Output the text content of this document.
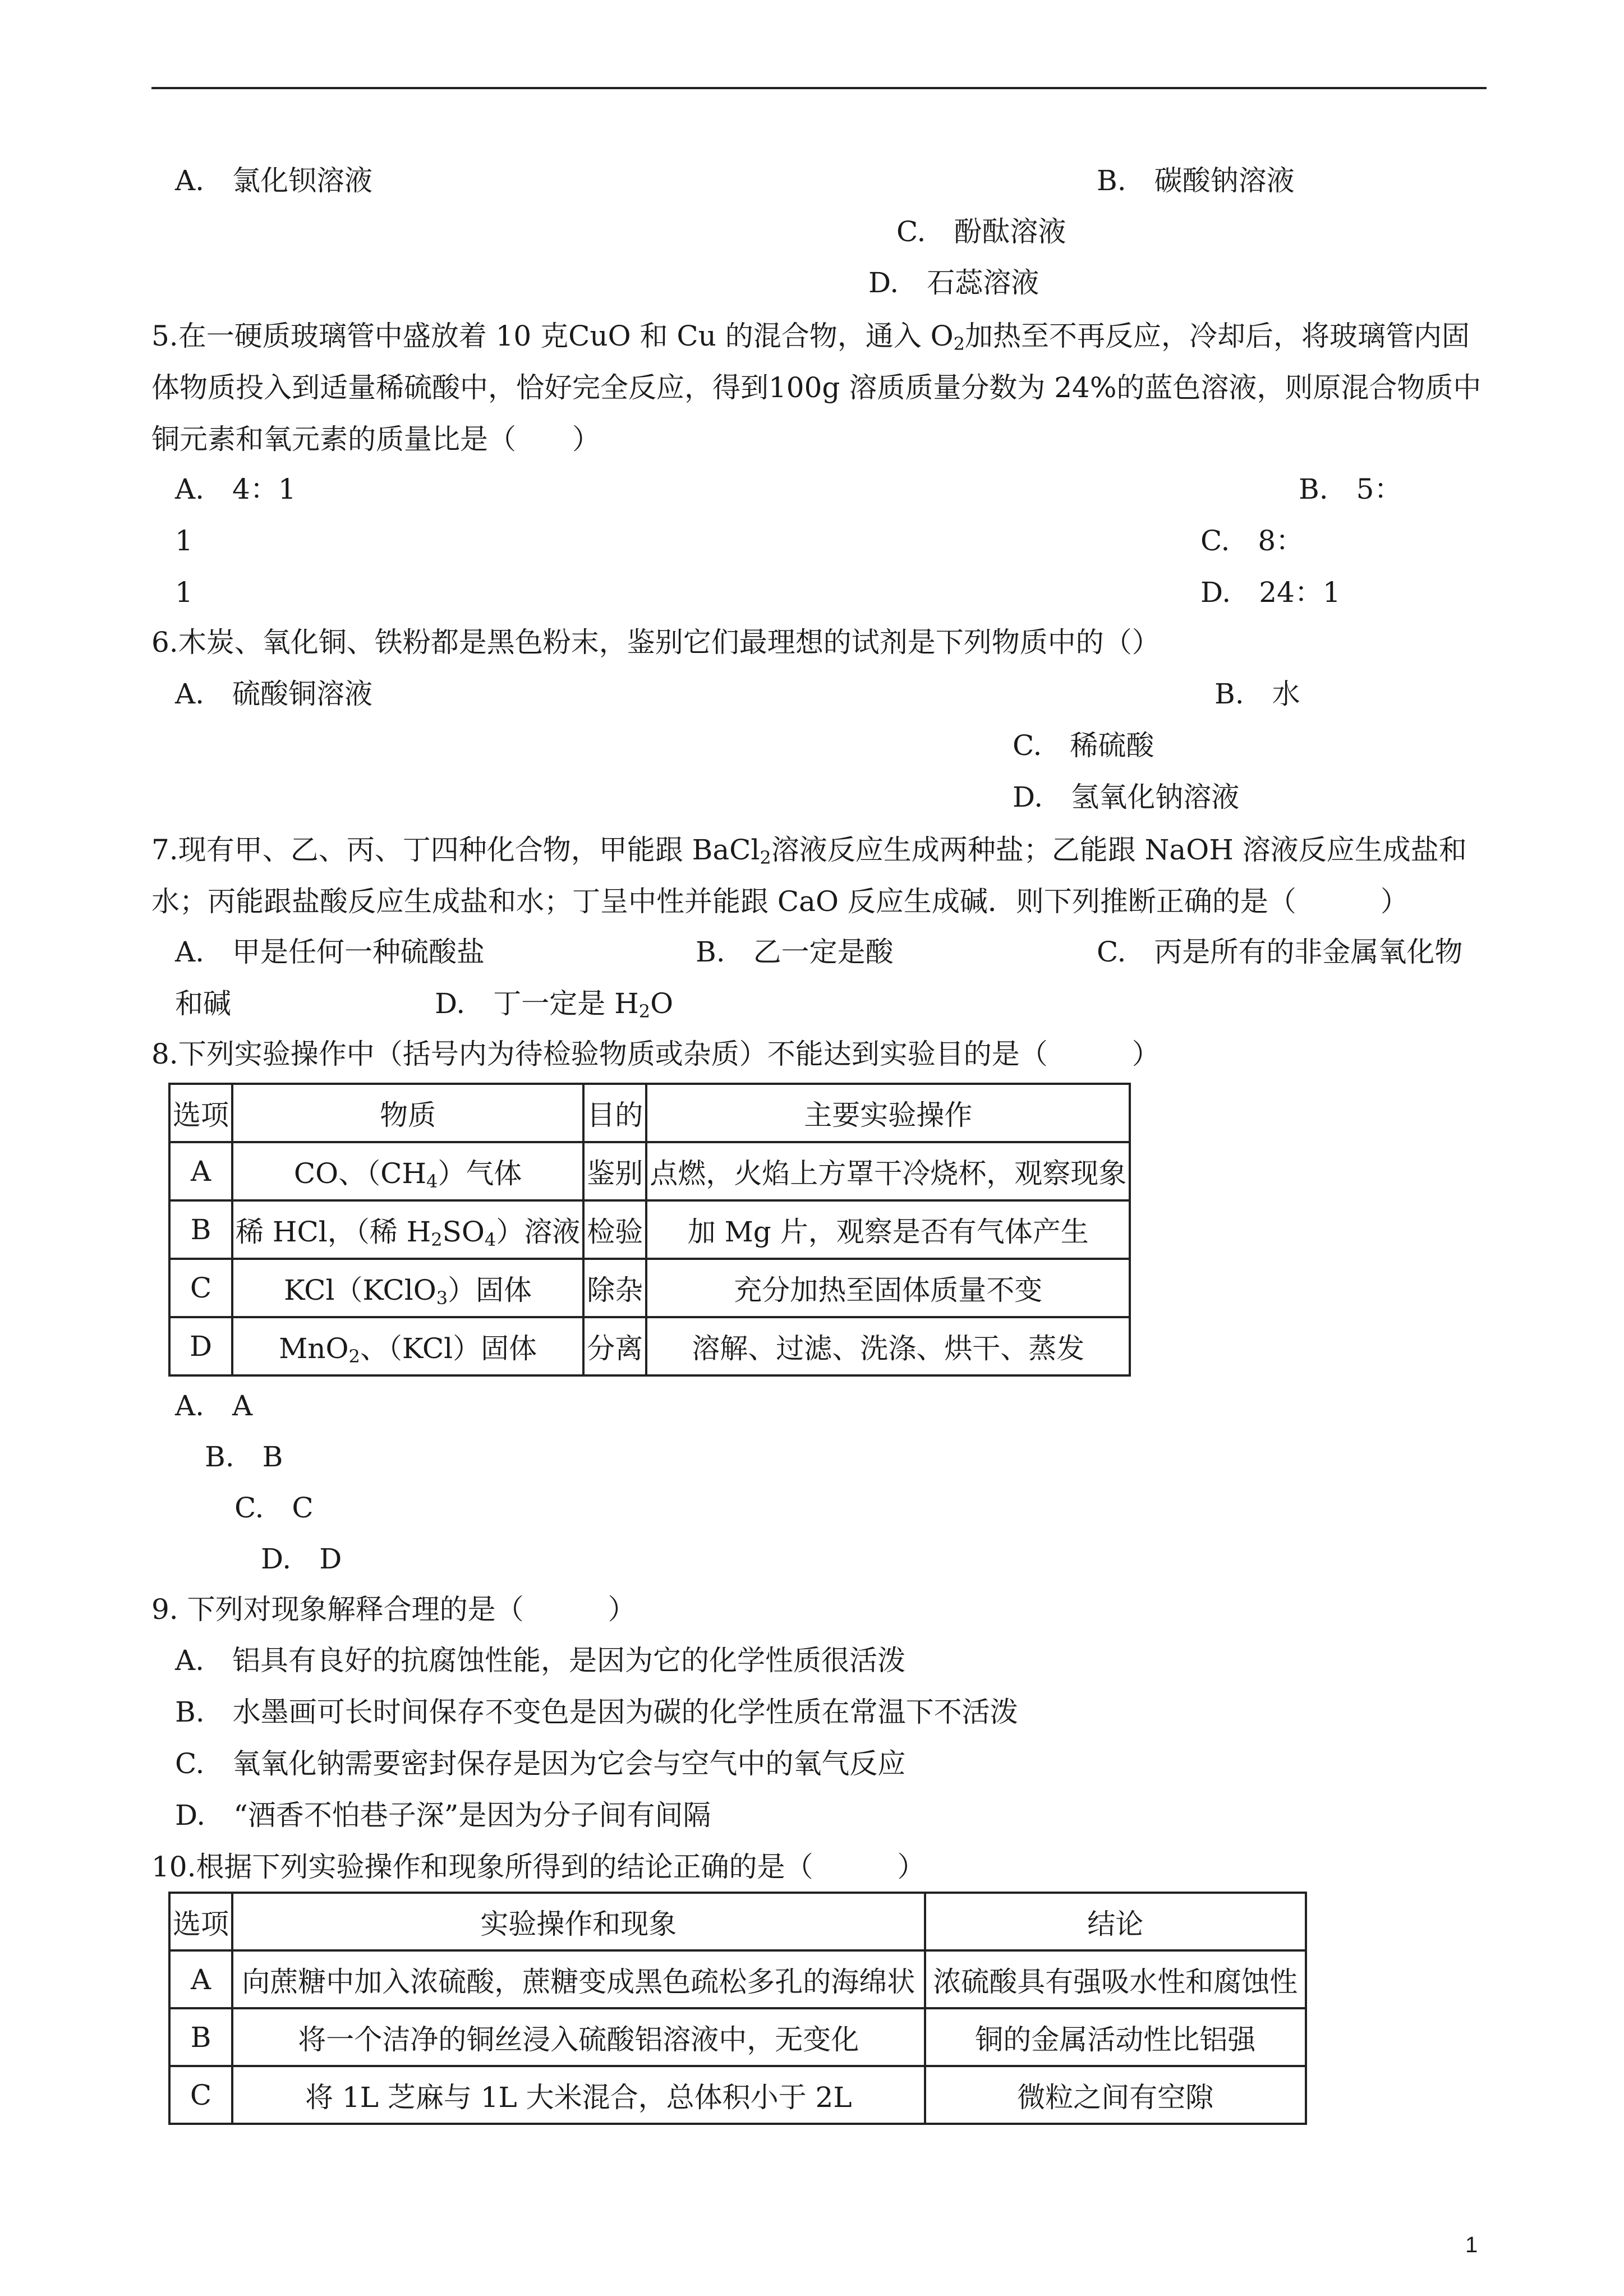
A.　氯化钡溶液	B.　碳酸钠溶液
C.　酚酞溶液
D.　石蕊溶液
5.在一硬质玻璃管中盛放着 10 克CuO 和 Cu 的混合物，通入 $O_2$加热至不再反应，冷却后，将玻璃管内固体物质投入到适量稀硫酸中，恰好完全反应，得到100g 溶质质量分数为 24%的蓝色溶液，则原混合物质中铜元素和氧元素的质量比是（　　）
A.　4：1	B.　5：
1	C.　8：
1	D.　24：1
6.木炭、氧化铜、铁粉都是黑色粉末，鉴别它们最理想的试剂是下列物质中的（）
A.　硫酸铜溶液	B.　水
C.　稀硫酸
D.　氢氧化钠溶液
7.现有甲、乙、丙、丁四种化合物，甲能跟 BaCl$_2$溶液反应生成两种盐；乙能跟 NaOH 溶液反应生成盐和水；丙能跟盐酸反应生成盐和水；丁呈中性并能跟 CaO 反应生成碱．则下列推断正确的是（　　　）
A.　甲是任何一种硫酸盐	B.　乙一定是酸	C.　丙是所有的非金属氧化物
和碱	D.　丁一定是 $H_2O$
8.下列实验操作中（括号内为待检验物质或杂质）不能达到实验目的是（　　　）
选项	物质	目的	主要实验操作
A	CO、$(CH_4)$气体	鉴别	点燃，火焰上方罩干冷烧杯，观察现象
B	稀 HCl，（稀 $H_2SO_4$）溶液	检验	加 Mg 片，观察是否有气体产生
C	KCl（KClO$_3$）固体	除杂	充分加热至固体质量不变
D	MnO$_2$、（KCl）固体	分离	溶解、过滤、洗涤、烘干、蒸发
A.　A
B.　B
C.　C
D.　D
9. 下列对现象解释合理的是（　　　）
A.　铝具有良好的抗腐蚀性能，是因为它的化学性质很活泼
B.　水墨画可长时间保存不变色是因为碳的化学性质在常温下不活泼
C.　氧氧化钠需要密封保存是因为它会与空气中的氧气反应
D.　“酒香不怕巷子深”是因为分子间有间隔
10.根据下列实验操作和现象所得到的结论正确的是（　　　）
选项	实验操作和现象	结论
A	向蔗糖中加入浓硫酸，蔗糖变成黑色疏松多孔的海绵状	浓硫酸具有强吸水性和腐蚀性
B	将一个洁净的铜丝浸入硫酸铝溶液中，无变化	铜的金属活动性比铝强
C	将 1L 芝麻与 1L 大米混合，总体积小于 2L	微粒之间有空隙
1
